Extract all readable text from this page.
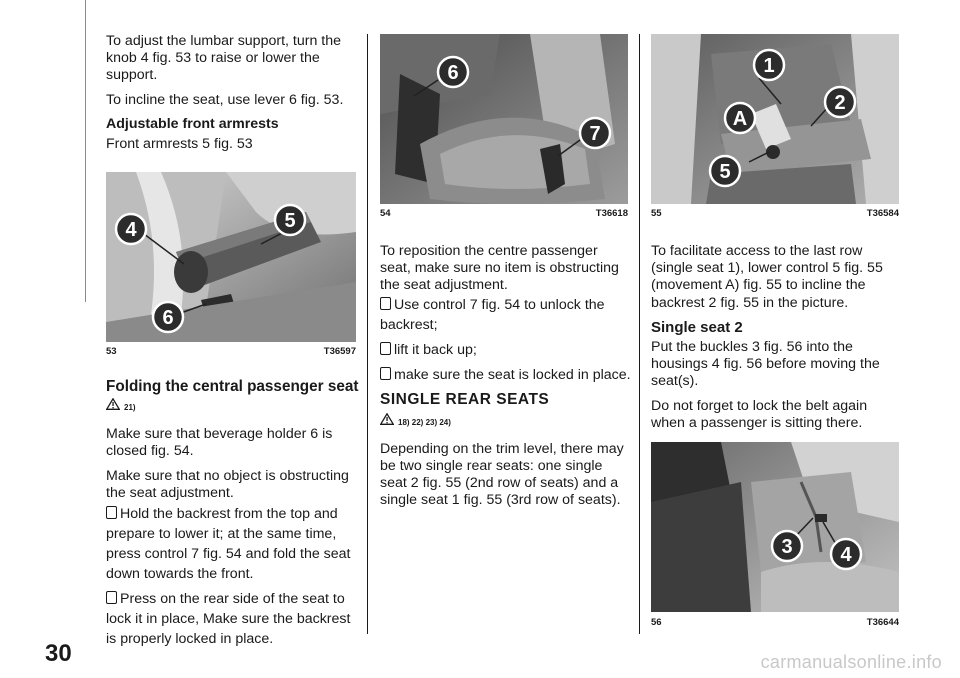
30	carmanualsonline.info

To adjust the lumbar support, turn the knob 4 fig. 53 to raise or lower the support.

To incline the seat, use lever 6 fig. 53.

Adjustable front armrests

Front armrests 5 fig. 53

4	5
6
53	T36597
Folding the central passenger seat
21)

Make sure that beverage holder 6 is closed fig. 54.

Make sure that no object is obstructing the seat adjustment.

Hold the backrest from the top and prepare to lower it; at the same time, press control 7 fig. 54 and fold the seat down towards the front.
Press on the rear side of the seat to lock it in place, Make sure the backrest is properly locked in place.
6
7
54	T36618

To reposition the centre passenger seat, make sure no item is obstructing the seat adjustment.

Use control 7 fig. 54 to unlock the backrest;
lift it back up;
make sure the seat is locked in place.
SINGLE REAR SEATS
18) 22) 23) 24)

Depending on the trim level, there may be two single rear seats: one single seat 2 fig. 55 (2nd row of seats) and a single seat 1 fig. 55 (3rd row of seats).

1
2
A
5
55	T36584

To facilitate access to the last row (single seat 1), lower control 5 fig. 55 (movement A) fig. 55 to incline the backrest 2 fig. 55 in the picture.

Single seat 2

Put the buckles 3 fig. 56 into the housings 4 fig. 56 before moving the seat(s).

Do not forget to lock the belt again when a passenger is sitting there.

3 4
56	T36644
